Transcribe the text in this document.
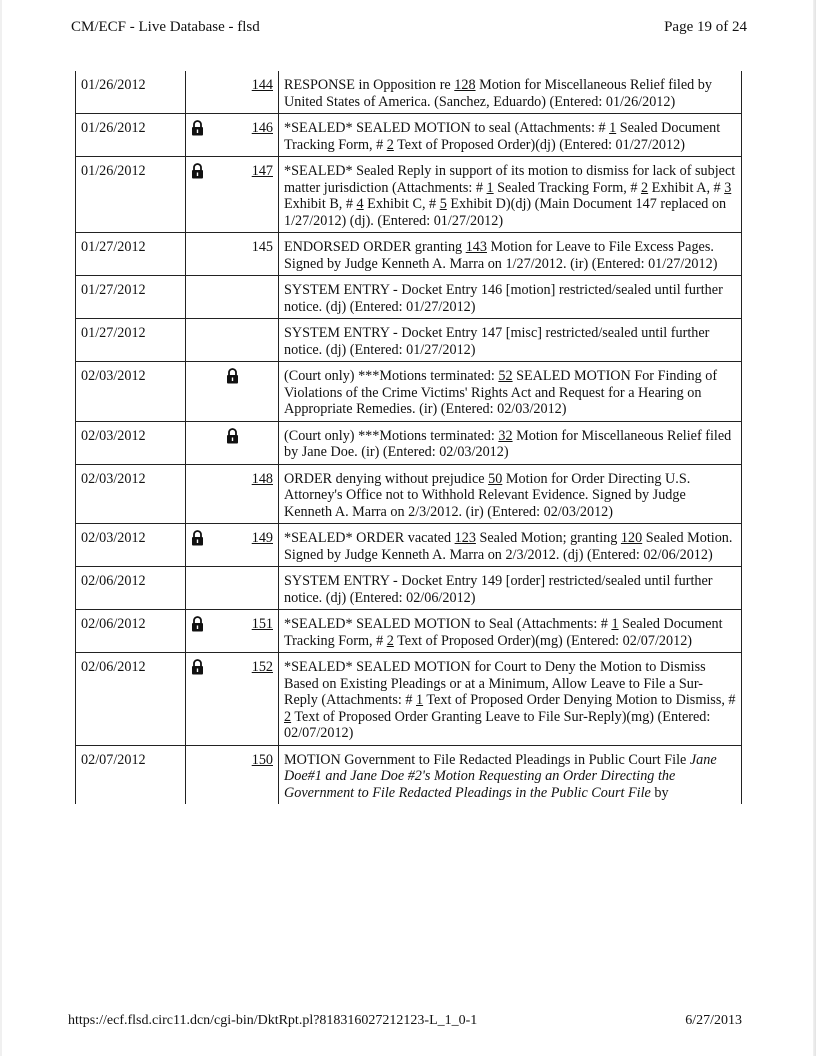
CM/ECF - Live Database - flsd	Page 19 of 24
01/26/2012	144	RESPONSE in Opposition re 128 Motion for Miscellaneous Relief filed by United States of America. (Sanchez, Eduardo) (Entered: 01/26/2012)
01/26/2012	146	*SEALED* SEALED MOTION to seal (Attachments: # 1 Sealed Document Tracking Form, # 2 Text of Proposed Order)(dj) (Entered: 01/27/2012)
01/26/2012	147	*SEALED* Sealed Reply in support of its motion to dismiss for lack of subject matter jurisdiction (Attachments: # 1 Sealed Tracking Form, # 2 Exhibit A, # 3 Exhibit B, # 4 Exhibit C, # 5 Exhibit D)(dj) (Main Document 147 replaced on 1/27/2012) (dj). (Entered: 01/27/2012)
01/27/2012	145	ENDORSED ORDER granting 143 Motion for Leave to File Excess Pages. Signed by Judge Kenneth A. Marra on 1/27/2012. (ir) (Entered: 01/27/2012)
01/27/2012		SYSTEM ENTRY - Docket Entry 146 [motion] restricted/sealed until further notice. (dj) (Entered: 01/27/2012)
01/27/2012		SYSTEM ENTRY - Docket Entry 147 [misc] restricted/sealed until further notice. (dj) (Entered: 01/27/2012)
02/03/2012		(Court only) ***Motions terminated: 52 SEALED MOTION For Finding of Violations of the Crime Victims' Rights Act and Request for a Hearing on Appropriate Remedies. (ir) (Entered: 02/03/2012)
02/03/2012		(Court only) ***Motions terminated: 32 Motion for Miscellaneous Relief filed by Jane Doe. (ir) (Entered: 02/03/2012)
02/03/2012	148	ORDER denying without prejudice 50 Motion for Order Directing U.S. Attorney's Office not to Withhold Relevant Evidence. Signed by Judge Kenneth A. Marra on 2/3/2012. (ir) (Entered: 02/03/2012)
02/03/2012	149	*SEALED* ORDER vacated 123 Sealed Motion; granting 120 Sealed Motion. Signed by Judge Kenneth A. Marra on 2/3/2012. (dj) (Entered: 02/06/2012)
02/06/2012		SYSTEM ENTRY - Docket Entry 149 [order] restricted/sealed until further notice. (dj) (Entered: 02/06/2012)
02/06/2012	151	*SEALED* SEALED MOTION to Seal (Attachments: # 1 Sealed Document Tracking Form, # 2 Text of Proposed Order)(mg) (Entered: 02/07/2012)
02/06/2012	152	*SEALED* SEALED MOTION for Court to Deny the Motion to Dismiss Based on Existing Pleadings or at a Minimum, Allow Leave to File a Sur-Reply (Attachments: # 1 Text of Proposed Order Denying Motion to Dismiss, # 2 Text of Proposed Order Granting Leave to File Sur-Reply)(mg) (Entered: 02/07/2012)
02/07/2012	150	MOTION Government to File Redacted Pleadings in Public Court File Jane Doe#1 and Jane Doe #2's Motion Requesting an Order Directing the Government to File Redacted Pleadings in the Public Court File by
https://ecf.flsd.circ11.dcn/cgi-bin/DktRpt.pl?818316027212123-L_1_0-1	6/27/2013
